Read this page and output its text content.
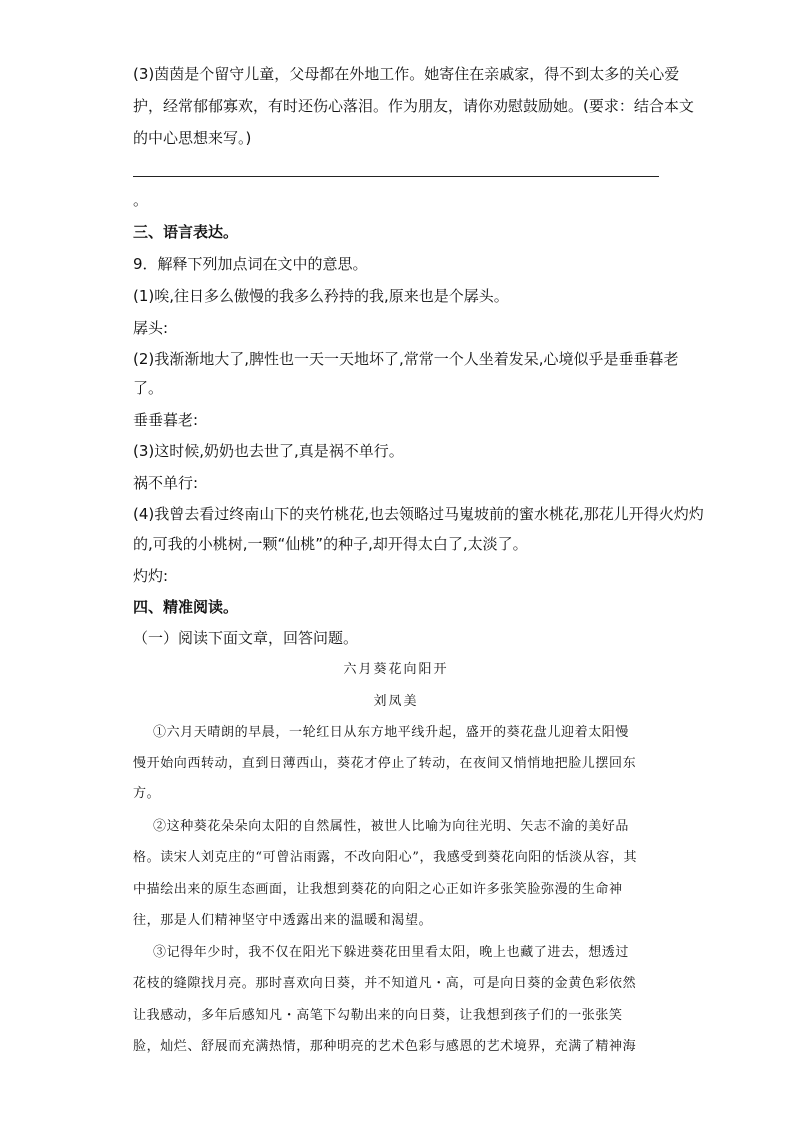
(3)茵茵是个留守儿童，父母都在外地工作。她寄住在亲戚家，得不到太多的关心爱
护，经常郁郁寡欢，有时还伤心落泪。作为朋友，请你劝慰鼓励她。(要求：结合本文
的中心思想来写。)
。
三、语言表达。
9．解释下列加点词在文中的意思。
(1)唉,往日多么傲慢的我多么矜持的我,原来也是个孱头。
孱头:
(2)我渐渐地大了,脾性也一天一天地坏了,常常一个人坐着发呆,心境似乎是垂垂暮老
了。
垂垂暮老:
(3)这时候,奶奶也去世了,真是祸不单行。
祸不单行:
(4)我曾去看过终南山下的夹竹桃花,也去领略过马嵬坡前的蜜水桃花,那花儿开得火灼灼
的,可我的小桃树,一颗“仙桃”的种子,却开得太白了,太淡了。
灼灼:
四、精准阅读。
（一）阅读下面文章，回答问题。
六月葵花向阳开
刘凤美
①六月天晴朗的早晨，一轮红日从东方地平线升起，盛开的葵花盘儿迎着太阳慢
慢开始向西转动，直到日薄西山，葵花才停止了转动，在夜间又悄悄地把脸儿摆回东
方。
②这种葵花朵朵向太阳的自然属性，被世人比喻为向往光明、矢志不渝的美好品
格。读宋人刘克庄的“可曾沾雨露，不改向阳心”，我感受到葵花向阳的恬淡从容，其
中描绘出来的原生态画面，让我想到葵花的向阳之心正如许多张笑脸弥漫的生命神
往，那是人们精神坚守中透露出来的温暖和渴望。
③记得年少时，我不仅在阳光下躲进葵花田里看太阳，晚上也藏了进去，想透过
花枝的缝隙找月亮。那时喜欢向日葵，并不知道凡・高，可是向日葵的金黄色彩依然
让我感动，多年后感知凡・高笔下勾勒出来的向日葵，让我想到孩子们的一张张笑
脸，灿烂、舒展而充满热情，那种明亮的艺术色彩与感恩的艺术境界，充满了精神海
